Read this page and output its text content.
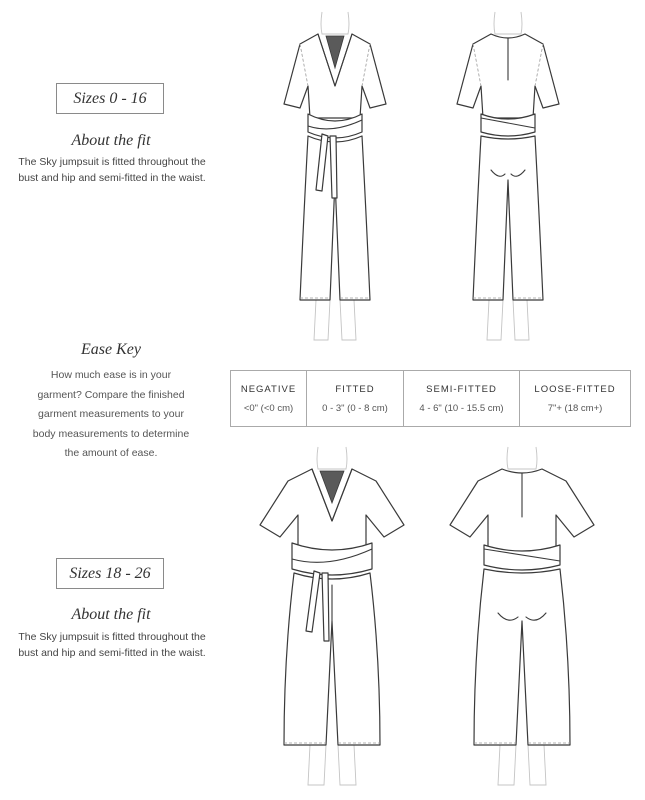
Sizes 0 - 16
About the fit
The Sky jumpsuit is fitted throughout the
bust and hip and semi-fitted in the waist.
Ease Key
How much ease is in your
garment? Compare the finished
garment measurements to your
body measurements to determine
the amount of ease.
NEGATIVE
<0" (<0 cm)

FITTED
0 - 3" (0 - 8 cm)

SEMI-FITTED
4 - 6" (10 - 15.5 cm)

LOOSE-FITTED
7"+ (18 cm+)
Sizes 18 - 26
About the fit
The Sky jumpsuit is fitted throughout the
bust and hip and semi-fitted in the waist.
